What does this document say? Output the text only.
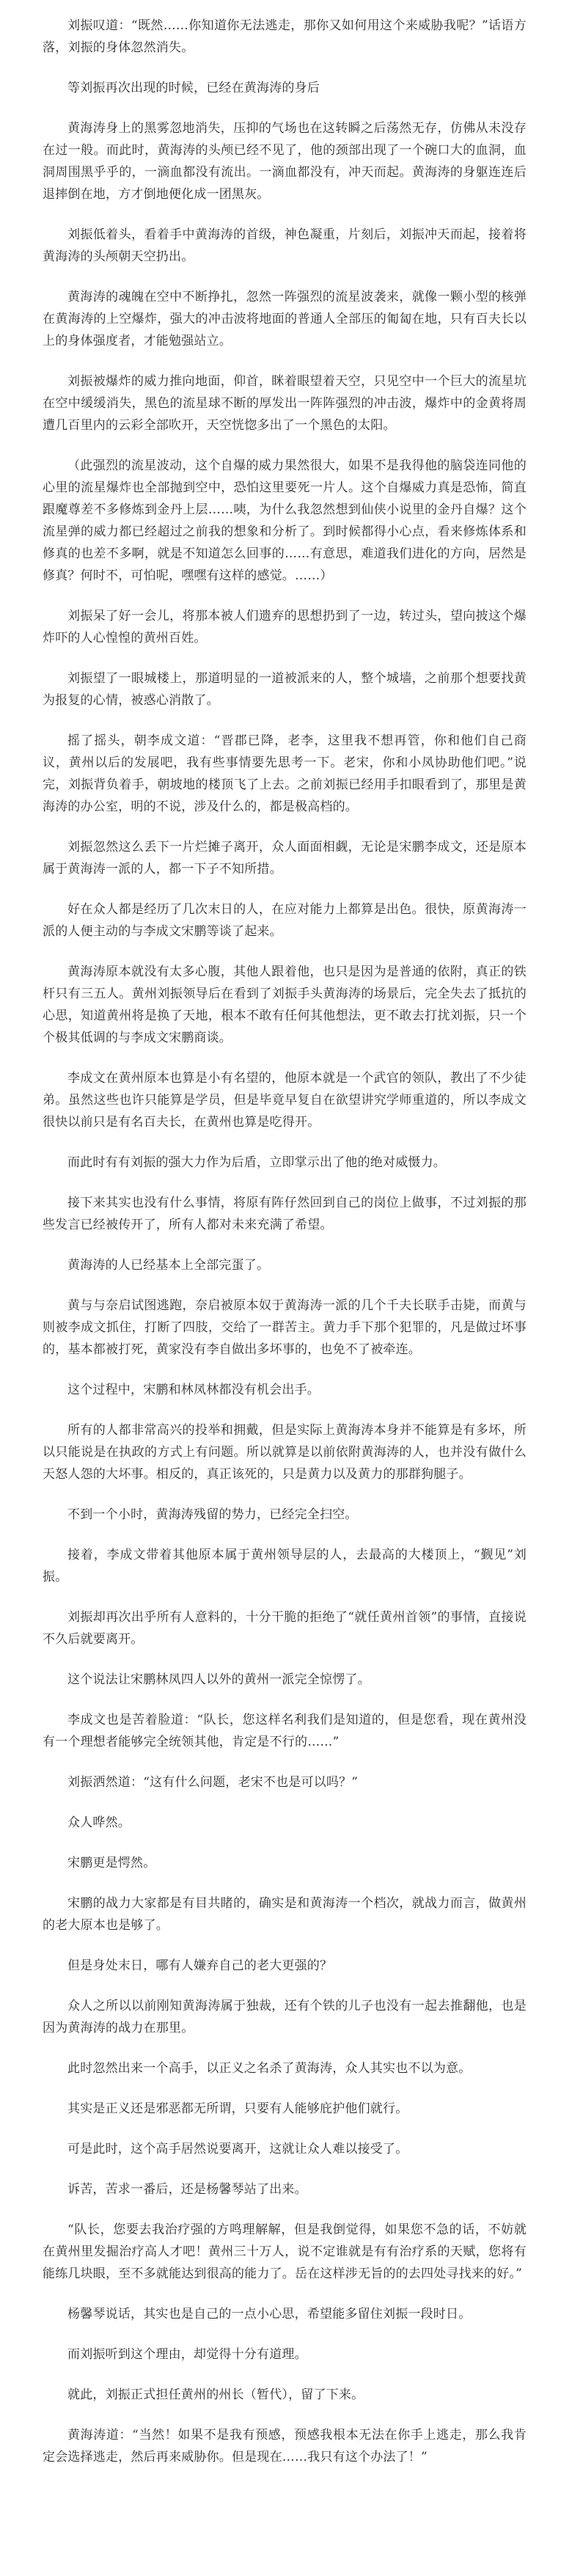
刘振叹道：“既然……你知道你无法逃走，那你又如何用这个来威胁我呢？”话语方落，刘振的身体忽然消失。

等刘振再次出现的时候，已经在黄海涛的身后

黄海涛身上的黑雾忽地消失，压抑的气场也在这转瞬之后荡然无存，仿佛从未没存在过一般。而此时，黄海涛的头颅已经不见了，他的颈部出现了一个碗口大的血洞，血洞周围黑乎乎的，一滴血都没有流出。一滴血都没有，冲天而起。黄海涛的身躯连连后退摔倒在地，方才倒地便化成一团黑灰。

刘振低着头，看着手中黄海涛的首级，神色凝重，片刻后，刘振冲天而起，接着将黄海涛的头颅朝天空扔出。

黄海涛的魂魄在空中不断挣扎，忽然一阵强烈的流星波袭来，就像一颗小型的核弹在黄海涛的上空爆炸，强大的冲击波将地面的普通人全部压的匍匐在地，只有百夫长以上的身体强度者，才能勉强站立。

刘振被爆炸的威力推向地面，仰首，眯着眼望着天空，只见空中一个巨大的流星坑在空中缓缓消失，黑色的流星球不断的厚发出一阵阵强烈的冲击波，爆炸中的金黄将周遭几百里内的云彩全部吹开，天空恍惚多出了一个黑色的太阳。

（此强烈的流星波动，这个自爆的威力果然很大，如果不是我得他的脑袋连同他的心里的流星爆炸也全部抛到空中，恐怕这里要死一片人。这个自爆威力真是恐怖，简直跟魔尊差不多修炼到金丹上层……咦，为什么我忽然想到仙侠小说里的金丹自爆？这个流星弹的威力都已经超过之前我的想象和分析了。到时候都得小心点，看来修炼体系和修真的也差不多啊，就是不知道怎么回事的……有意思，难道我们进化的方向，居然是修真？何时不，可怕呢，嘿嘿有这样的感觉。……）

刘振呆了好一会儿，将那本被人们遗弃的思想扔到了一边，转过头，望向披这个爆炸吓的人心惶惶的黄州百姓。

刘振望了一眼城楼上，那道明显的一道被派来的人，整个城墙，之前那个想要找黄为报复的心情，被惑心消散了。

摇了摇头，朝李成文道：“晋郡已降，老李，这里我不想再管，你和他们自己商议，黄州以后的发展吧，我有些事情要先思考一下。老宋，你和小凤协助他们吧。”说完，刘振背负着手，朝坡地的楼顶飞了上去。之前刘振已经用手扣眼看到了，那里是黄海涛的办公室，明的不说，涉及什么的，都是极高档的。

刘振忽然这么丢下一片烂摊子离开，众人面面相觑，无论是宋鹏李成文，还是原本属于黄海涛一派的人，都一下子不知所措。

好在众人都是经历了几次末日的人，在应对能力上都算是出色。很快，原黄海涛一派的人便主动的与李成文宋鹏等谈了起来。

黄海涛原本就没有太多心腹，其他人跟着他，也只是因为是普通的依附，真正的铁杆只有三五人。黄州刘振领导后在看到了刘振手头黄海涛的场景后，完全失去了抵抗的心思，知道黄州将是换了天地，根本不敢有任何其他想法，更不敢去打扰刘振，只一个个极其低调的与李成文宋鹏商谈。

李成文在黄州原本也算是小有名望的，他原本就是一个武官的领队，教出了不少徒弟。虽然这些也许只能算是学员，但是毕竟早复自在欲望讲究学师重道的，所以李成文很快以前只是有名百夫长，在黄州也算是吃得开。

而此时有有刘振的强大力作为后盾，立即掌示出了他的绝对威慑力。

接下来其实也没有什么事情，将原有阵仔然回到自己的岗位上做事，不过刘振的那些发言已经被传开了，所有人都对未来充满了希望。

黄海涛的人已经基本上全部完蛋了。

黄与与奈启试图逃跑，奈启被原本奴于黄海涛一派的几个千夫长联手击毙，而黄与则被李成文抓住，打断了四肢，交给了一群苦主。黄力手下那个犯罪的，凡是做过坏事的，基本都被打死，黄家没有李自做出多坏事的，也免不了被牵连。

这个过程中，宋鹏和林凤林都没有机会出手。

所有的人都非常高兴的投举和拥戴，但是实际上黄海涛本身并不能算是有多坏，所以只能说是在执政的方式上有问题。所以就算是以前依附黄海涛的人，也并没有做什么天怒人怨的大坏事。相反的，真正该死的，只是黄力以及黄力的那群狗腿子。

不到一个小时，黄海涛残留的势力，已经完全扫空。

接着，李成文带着其他原本属于黄州领导层的人，去最高的大楼顶上，“觐见”刘振。

刘振却再次出乎所有人意料的，十分干脆的拒绝了“就任黄州首领”的事情，直接说不久后就要离开。

这个说法让宋鹏林凤四人以外的黄州一派完全惊愣了。

李成文也是苦着脸道：“队长，您这样名利我们是知道的，但是您看，现在黄州没有一个理想者能够完全统领其他，肯定是不行的……”

刘振洒然道：“这有什么问题，老宋不也是可以吗？”

众人哗然。

宋鹏更是愕然。

宋鹏的战力大家都是有目共睹的，确实是和黄海涛一个档次，就战力而言，做黄州的老大原本也是够了。

但是身处末日，哪有人嫌弃自己的老大更强的？

众人之所以以前刚知黄海涛属于独裁，还有个铁的儿子也没有一起去推翻他，也是因为黄海涛的战力在那里。

此时忽然出来一个高手，以正义之名杀了黄海涛，众人其实也不以为意。

其实是正义还是邪恶都无所谓，只要有人能够庇护他们就行。

可是此时，这个高手居然说要离开，这就让众人难以接受了。

诉苦，苦求一番后，还是杨馨琴站了出来。

“队长，您要去我治疗强的方鸣理解解，但是我倒觉得，如果您不急的话，不妨就在黄州里发掘治疗高人才吧！黄州三十万人，说不定谁就是有有治疗系的天赋，您将有能练几块眼，至不多就能达到很高的能力了。岳在这样涉无旨的的去四处寻找来的好。”

杨馨琴说话，其实也是自己的一点小心思，希望能多留住刘振一段时日。

而刘振听到这个理由，却觉得十分有道理。

就此，刘振正式担任黄州的州长（暂代），留了下来。

黄海涛道：“当然！如果不是我有预感，预感我根本无法在你手上逃走，那么我肯定会选择逃走，然后再来威胁你。但是现在……我只有这个办法了！”
